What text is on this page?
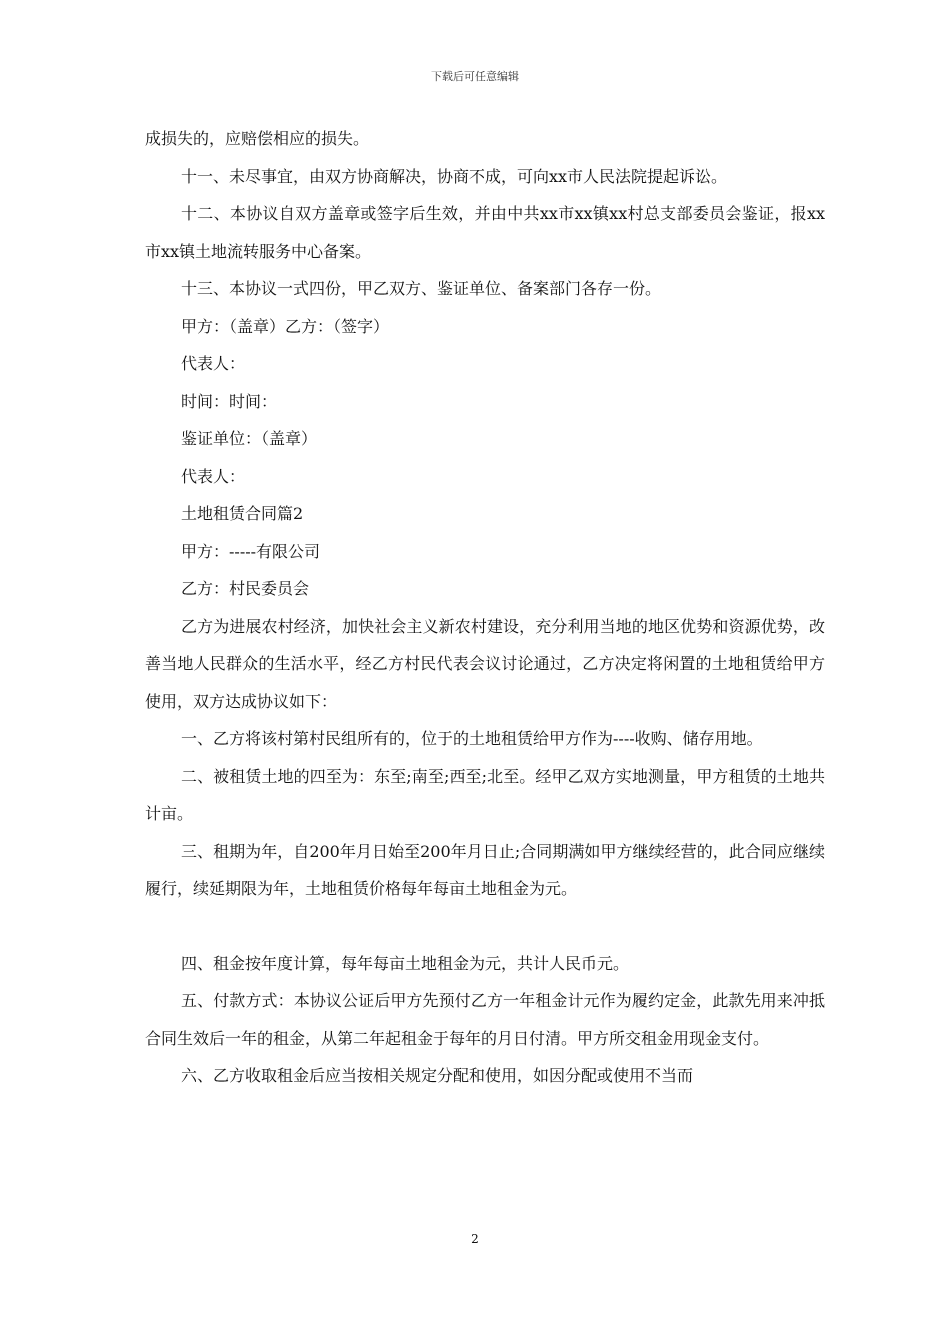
下载后可任意编辑

成损失的，应赔偿相应的损失。

十一、未尽事宜，由双方协商解决，协商不成，可向xx市人民法院提起诉讼。

十二、本协议自双方盖章或签字后生效，并由中共xx市xx镇xx村总支部委员会鉴证，报xx市xx镇土地流转服务中心备案。

十三、本协议一式四份，甲乙双方、鉴证单位、备案部门各存一份。

甲方：（盖章）乙方：（签字）

代表人：

时间：时间：

鉴证单位：（盖章）

代表人：

土地租赁合同篇2

甲方：-----有限公司

乙方：村民委员会

乙方为进展农村经济，加快社会主义新农村建设，充分利用当地的地区优势和资源优势，改善当地人民群众的生活水平，经乙方村民代表会议讨论通过，乙方决定将闲置的土地租赁给甲方使用，双方达成协议如下：

一、乙方将该村第村民组所有的，位于的土地租赁给甲方作为----收购、储存用地。

二、被租赁土地的四至为：东至;南至;西至;北至。经甲乙双方实地测量，甲方租赁的土地共计亩。

三、租期为年，自200年月日始至200年月日止;合同期满如甲方继续经营的，此合同应继续履行，续延期限为年，土地租赁价格每年每亩土地租金为元。

四、租金按年度计算，每年每亩土地租金为元，共计人民币元。

五、付款方式：本协议公证后甲方先预付乙方一年租金计元作为履约定金，此款先用来冲抵合同生效后一年的租金，从第二年起租金于每年的月日付清。甲方所交租金用现金支付。

六、乙方收取租金后应当按相关规定分配和使用，如因分配或使用不当而

2
